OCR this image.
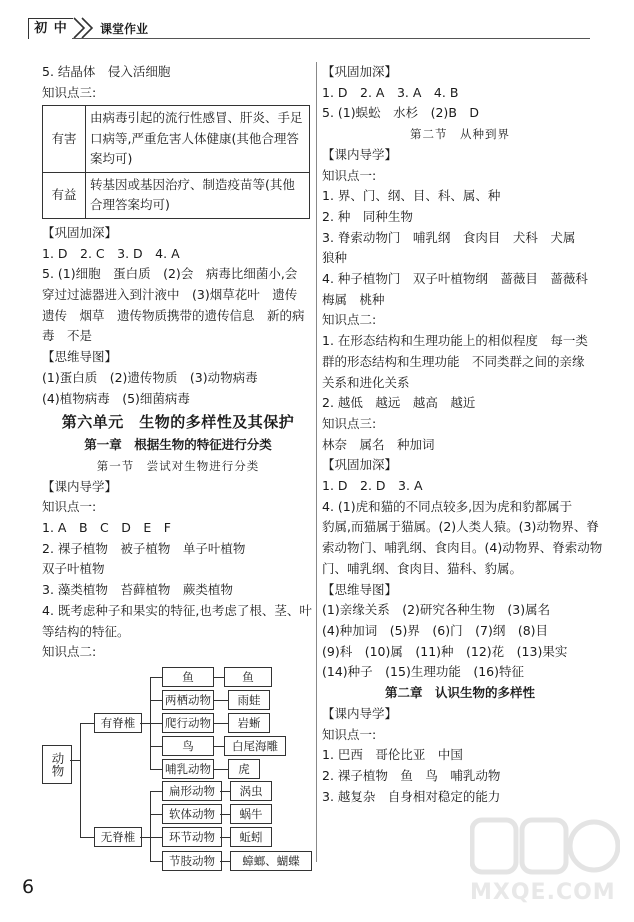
初 中	课堂作业
5. 结晶体　侵入活细胞
知识点三:
有害	由病毒引起的流行性感冒、肝炎、手足口病等,严重危害人体健康(其他合理答案均可)
有益	转基因或基因治疗、制造疫苗等(其他合理答案均可)
【巩固加深】
1. D　2. C　3. D　4. A
5. (1)细胞　蛋白质　(2)会　病毒比细菌小,会
穿过过滤器进入到汁液中　(3)烟草花叶　遗传
遗传　烟草　遗传物质携带的遗传信息　新的病
毒　不是
【思维导图】
(1)蛋白质　(2)遗传物质　(3)动物病毒
(4)植物病毒　(5)细菌病毒
第六单元　生物的多样性及其保护
第一章　根据生物的特征进行分类
第一节　尝试对生物进行分类
【课内导学】
知识点一:
1. A　B　C　D　E　F
2. 裸子植物　被子植物　单子叶植物
双子叶植物
3. 藻类植物　苔藓植物　蕨类植物
4. 既考虑种子和果实的特征,也考虑了根、茎、叶
等结构的特征。
知识点二:
动物
有脊椎
无脊椎
鱼
两栖动物
爬行动物
鸟
哺乳动物
鱼
雨蛙
岩蜥
白尾海雕
虎
扁形动物
软体动物
环节动物
节肢动物
涡虫
蜗牛
蚯蚓
蟑螂、蝴蝶
【巩固加深】
1. D　2. A　3. A　4. B
5. (1)蜈蚣　水杉　(2)B　D
第二节　从种到界
【课内导学】
知识点一:
1. 界、门、纲、目、科、属、种
2. 种　同种生物
3. 脊索动物门　哺乳纲　食肉目　犬科　犬属
狼种
4. 种子植物门　双子叶植物纲　蔷薇目　蔷薇科
梅属　桃种
知识点二:
1. 在形态结构和生理功能上的相似程度　每一类
群的形态结构和生理功能　不同类群之间的亲缘
关系和进化关系
2. 越低　越远　越高　越近
知识点三:
林奈　属名　种加词
【巩固加深】
1. D　2. D　3. A
4. (1)虎和猫的不同点较多,因为虎和豹都属于
豹属,而猫属于猫属。(2)人类人猿。(3)动物界、脊
索动物门、哺乳纲、食肉目。(4)动物界、脊索动物
门、哺乳纲、食肉目、猫科、豹属。
【思维导图】
(1)亲缘关系　(2)研究各种生物　(3)属名
(4)种加词　(5)界　(6)门　(7)纲　(8)目
(9)科　(10)属　(11)种　(12)花　(13)果实
(14)种子　(15)生理功能　(16)特征
第二章　认识生物的多样性
【课内导学】
知识点一:
1. 巴西　哥伦比亚　中国
2. 裸子植物　鱼　鸟　哺乳动物
3. 越复杂　自身相对稳定的能力
6	MXQE.COM
